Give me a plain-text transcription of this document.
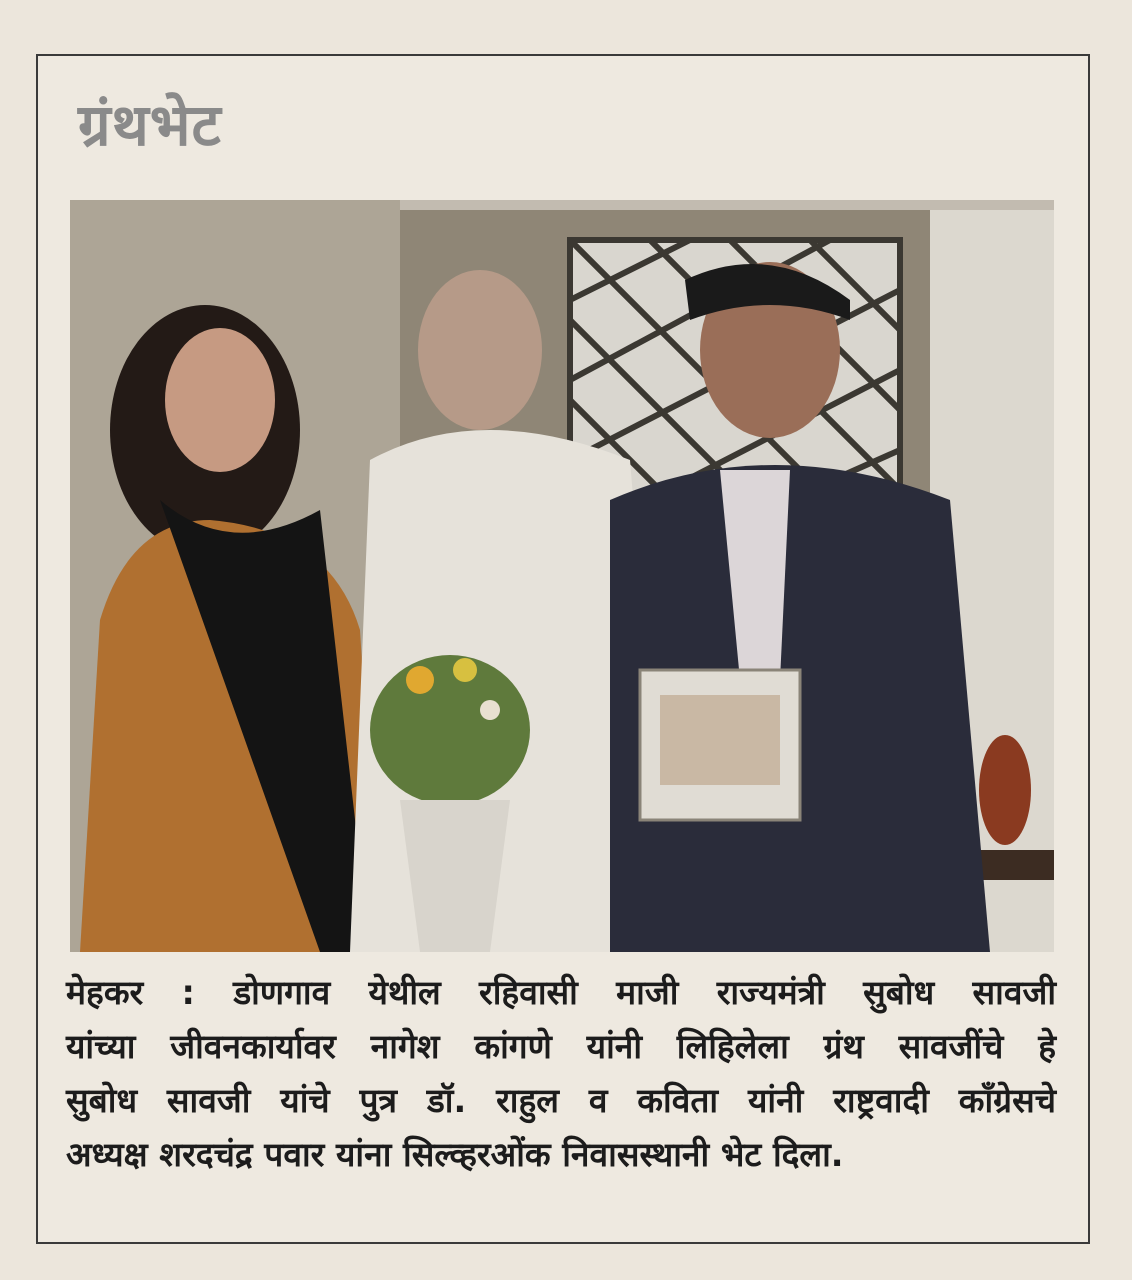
ग्रंथभेट
मेहकर : डोणगाव येथील रहिवासी माजी राज्यमंत्री सुबोध सावजी
यांच्या जीवनकार्यावर नागेश कांगणे यांनी लिहिलेला ग्रंथ सावजींचे हे
सुबोध सावजी यांचे पुत्र डॉ. राहुल व कविता यांनी राष्ट्रवादी काँग्रेसचे
अध्यक्ष शरदचंद्र पवार यांना सिल्व्हरओंक निवासस्थानी भेट दिला.
